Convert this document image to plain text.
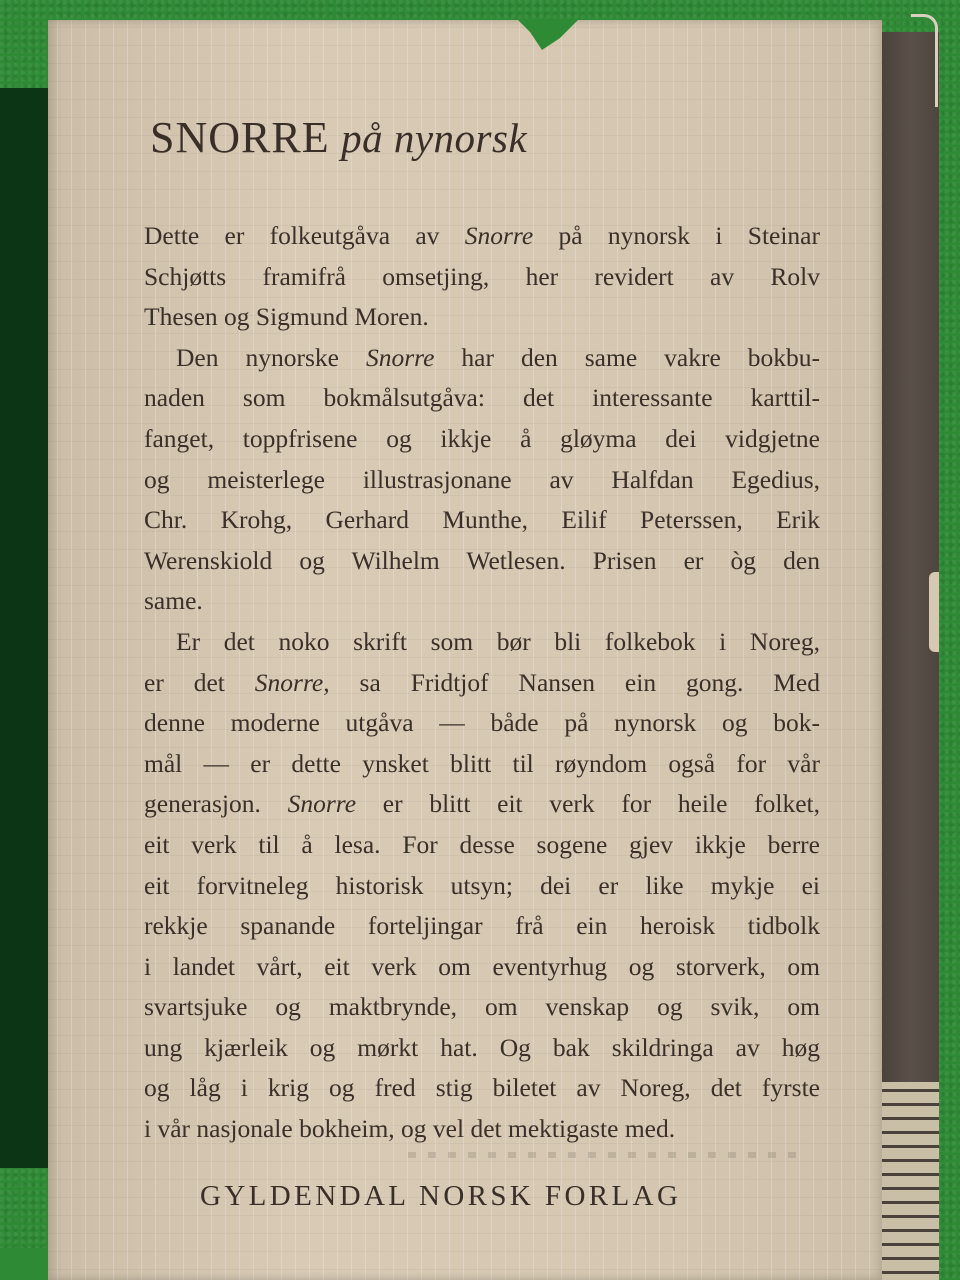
SNORRE på nynorsk
Dette er folkeutgåva av Snorre på nynorsk i Steinar
Schjøtts framifrå omsetjing, her revidert av Rolv
Thesen og Sigmund Moren.
Den nynorske Snorre har den same vakre bokbu-
naden som bokmålsutgåva: det interessante karttil-
fanget, toppfrisene og ikkje å gløyma dei vidgjetne
og meisterlege illustrasjonane av Halfdan Egedius,
Chr. Krohg, Gerhard Munthe, Eilif Peterssen, Erik
Werenskiold og Wilhelm Wetlesen. Prisen er òg den
same.
Er det noko skrift som bør bli folkebok i Noreg,
er det Snorre, sa Fridtjof Nansen ein gong. Med
denne moderne utgåva — både på nynorsk og bok-
mål — er dette ynsket blitt til røyndom også for vår
generasjon. Snorre er blitt eit verk for heile folket,
eit verk til å lesa. For desse sogene gjev ikkje berre
eit forvitneleg historisk utsyn; dei er like mykje ei
rekkje spanande forteljingar frå ein heroisk tidbolk
i landet vårt, eit verk om eventyrhug og storverk, om
svartsjuke og maktbrynde, om venskap og svik, om
ung kjærleik og mørkt hat. Og bak skildringa av høg
og låg i krig og fred stig biletet av Noreg, det fyrste
i vår nasjonale bokheim, og vel det mektigaste med.
GYLDENDAL NORSK FORLAG
